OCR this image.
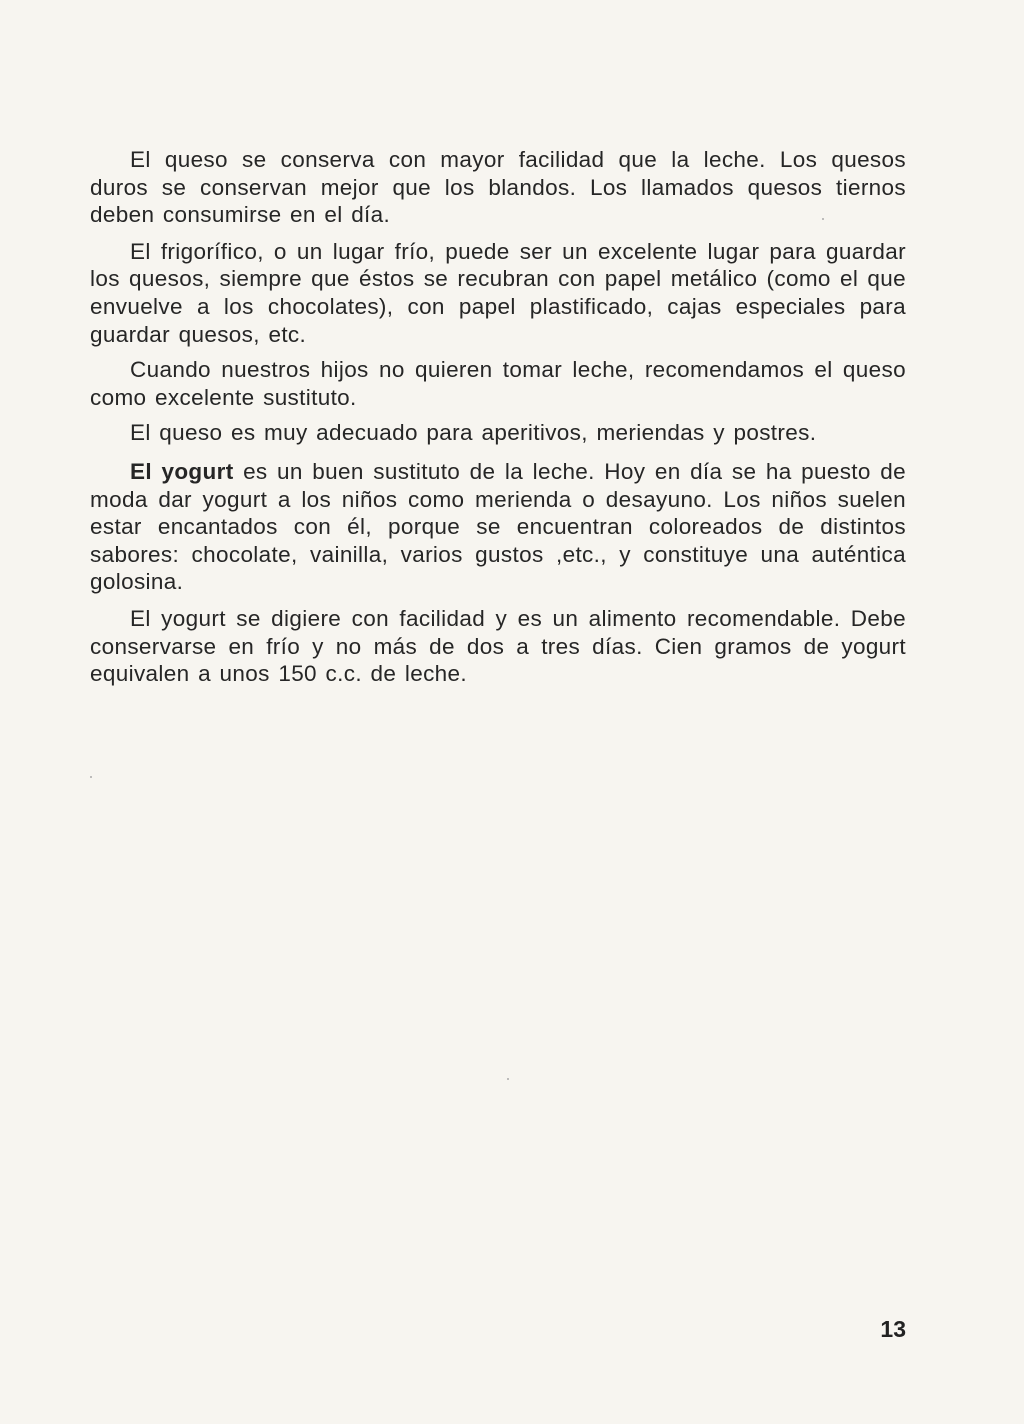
El queso se conserva con mayor facilidad que la leche. Los quesos duros se conservan mejor que los blandos. Los llamados quesos tiernos deben consumirse en el día.

El frigorífico, o un lugar frío, puede ser un excelente lugar para guardar los quesos, siempre que éstos se recubran con papel metálico (como el que envuelve a los chocolates), con papel plastificado, cajas especiales para guardar quesos, etc.

Cuando nuestros hijos no quieren tomar leche, recomendamos el queso como excelente sustituto.

El queso es muy adecuado para aperitivos, meriendas y postres.

El yogurt es un buen sustituto de la leche. Hoy en día se ha puesto de moda dar yogurt a los niños como merienda o desayuno. Los niños suelen estar encantados con él, porque se encuentran coloreados de distintos sabores: chocolate, vainilla, varios gustos ,etc., y constituye una auténtica golosina.

El yogurt se digiere con facilidad y es un alimento recomendable. Debe conservarse en frío y no más de dos a tres días. Cien gramos de yogurt equivalen a unos 150 c.c. de leche.

13
